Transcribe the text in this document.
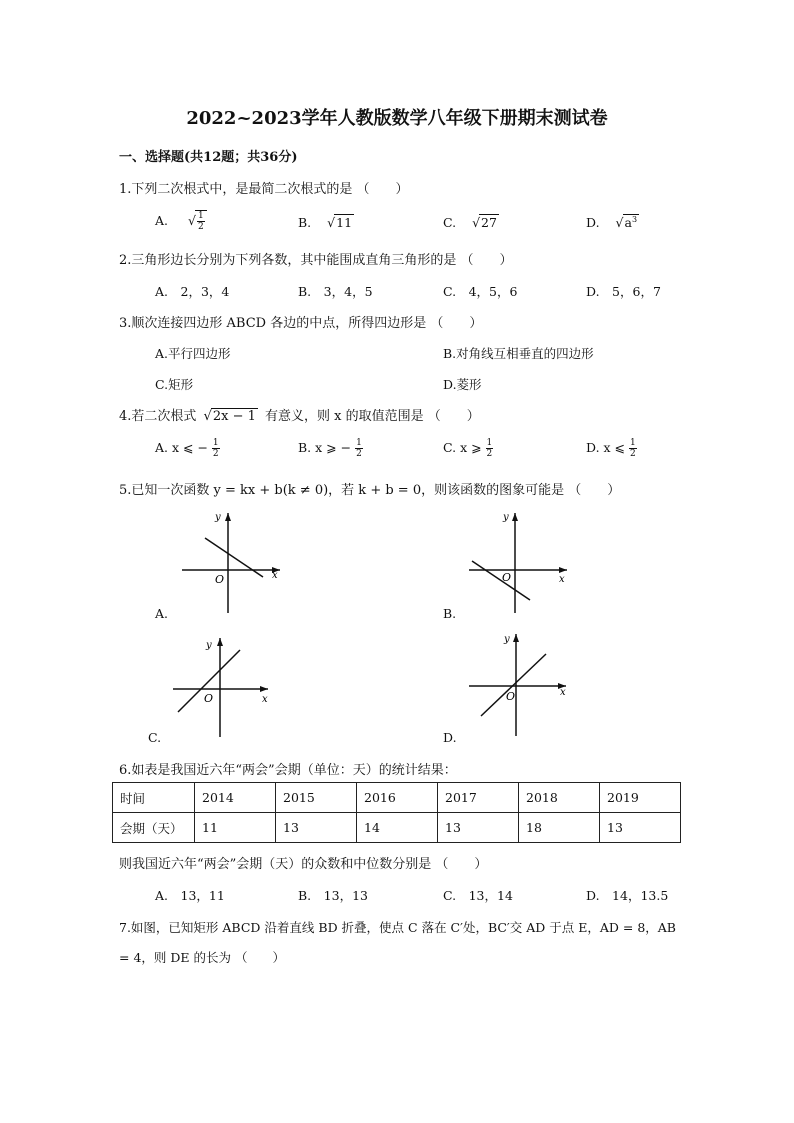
2022~2023学年人教版数学八年级下册期末测试卷
一、选择题(共12题；共36分)
1.下列二次根式中，是最简二次根式的是 （　　）
A. √ $\frac{1}{2}$	B. √11	C. √27	D. $√a^3$
2.三角形边长分别为下列各数，其中能围成直角三角形的是 （　　）
A.　2，3，4	B.　3，4，5	C.　4，5，6	D.　5，6，7
3.顺次连接四边形 ABCD 各边的中点，所得四边形是 （　　）
A.平行四边形	B.对角线互相垂直的四边形
C.矩形	D.菱形
4.若二次根式 √2x − 1 有意义，则 x 的取值范围是 （　　）
A. x ⩽ − $\frac{1}{2}$	B. x ⩾ − $\frac{1}{2}$	C. x ⩾ $\frac{1}{2}$	D. x ⩽ $\frac{1}{2}$
5.已知一次函数 y = kx + b(k ≠ 0)，若 k + b = 0，则该函数的图象可能是 （　　）
x
y
O
A.
x
y
O
B.
x
y
O
C.
x
y
O
D.
6.如表是我国近六年“两会”会期（单位：天）的统计结果：
时间	2014	2015	2016	2017	2018	2019
会期（天）	11	13	14	13	18	13
则我国近六年“两会”会期（天）的众数和中位数分别是 （　　）
A.　13，11	B.　13，13	C.　13，14	D.　14，13.5
7.如图，已知矩形 ABCD 沿着直线 BD 折叠，使点 C 落在 C′处，BC′交 AD 于点 E，AD = 8，AB
= 4，则 DE 的长为 （　　）
